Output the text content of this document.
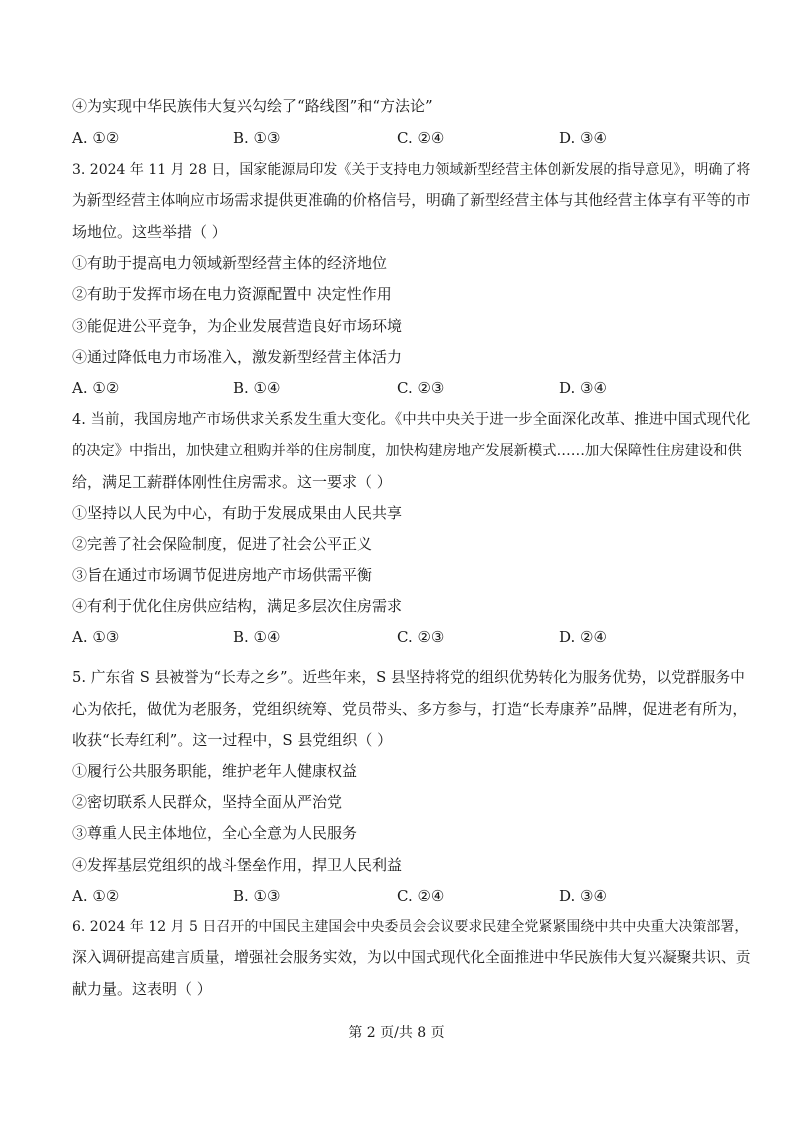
④为实现中华民族伟大复兴勾绘了“路线图”和“方法论”
A. ①②	B. ①③	C. ②④	D. ③④
3. 2024 年 11 月 28 日，国家能源局印发《关于支持电力领域新型经营主体创新发展的指导意见》，明确了将
为新型经营主体响应市场需求提供更准确的价格信号，明确了新型经营主体与其他经营主体享有平等的市
场地位。这些举措（ ）
①有助于提高电力领域新型经营主体的经济地位
②有助于发挥市场在电力资源配置中 决定性作用
③能促进公平竞争，为企业发展营造良好市场环境
④通过降低电力市场准入，激发新型经营主体活力
A. ①②	B. ①④	C. ②③	D. ③④
4. 当前，我国房地产市场供求关系发生重大变化。《中共中央关于进一步全面深化改革、推进中国式现代化
的决定》中指出，加快建立租购并举的住房制度，加快构建房地产发展新模式……加大保障性住房建设和供
给，满足工薪群体刚性住房需求。这一要求（ ）
①坚持以人民为中心，有助于发展成果由人民共享
②完善了社会保险制度，促进了社会公平正义
③旨在通过市场调节促进房地产市场供需平衡
④有利于优化住房供应结构，满足多层次住房需求
A. ①③	B. ①④	C. ②③	D. ②④
5. 广东省 S 县被誉为“长寿之乡”。近些年来，S 县坚持将党的组织优势转化为服务优势，以党群服务中
心为依托，做优为老服务，党组织统筹、党员带头、多方参与，打造“长寿康养”品牌，促进老有所为，
收获“长寿红利”。这一过程中，S 县党组织（ ）
①履行公共服务职能，维护老年人健康权益
②密切联系人民群众，坚持全面从严治党
③尊重人民主体地位，全心全意为人民服务
④发挥基层党组织的战斗堡垒作用，捍卫人民利益
A. ①②	B. ①③	C. ②④	D. ③④
6. 2024 年 12 月 5 日召开的中国民主建国会中央委员会会议要求民建全党紧紧围绕中共中央重大决策部署，
深入调研提高建言质量，增强社会服务实效，为以中国式现代化全面推进中华民族伟大复兴凝聚共识、贡
献力量。这表明（ ）
第 2 页/共 8 页
